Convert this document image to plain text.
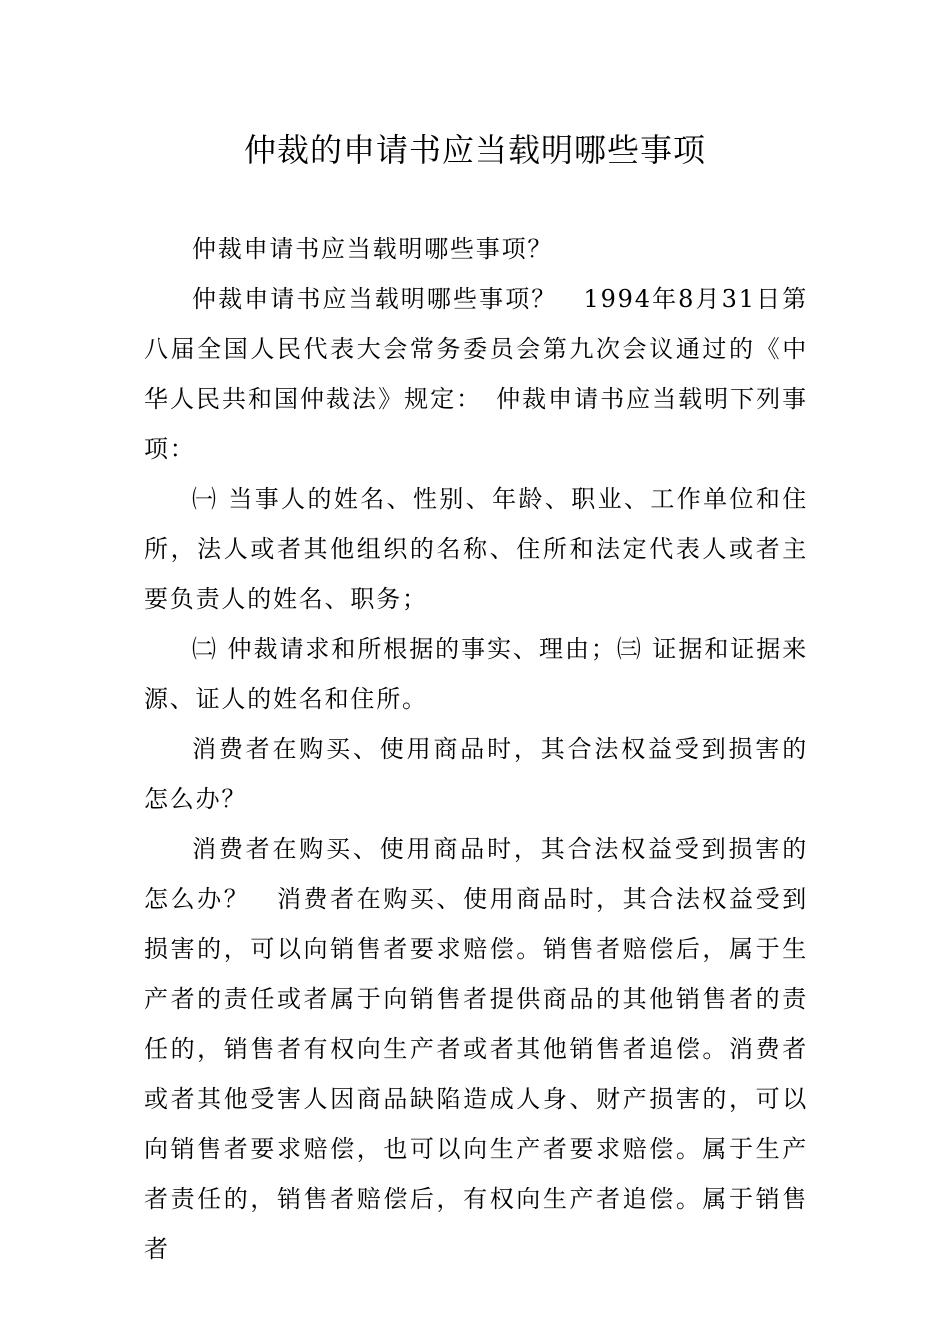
仲裁的申请书应当载明哪些事项

仲裁申请书应当载明哪些事项？

仲裁申请书应当载明哪些事项？　1994年8月31日第八届全国人民代表大会常务委员会第九次会议通过的《中华人民共和国仲裁法》规定：　仲裁申请书应当载明下列事项：

㈠ 当事人的姓名、性别、年龄、职业、工作单位和住所，法人或者其他组织的名称、住所和法定代表人或者主要负责人的姓名、职务；

㈡ 仲裁请求和所根据的事实、理由；㈢ 证据和证据来源、证人的姓名和住所。

消费者在购买、使用商品时，其合法权益受到损害的怎么办？

消费者在购买、使用商品时，其合法权益受到损害的怎么办？　消费者在购买、使用商品时，其合法权益受到损害的，可以向销售者要求赔偿。销售者赔偿后，属于生产者的责任或者属于向销售者提供商品的其他销售者的责任的，销售者有权向生产者或者其他销售者追偿。消费者或者其他受害人因商品缺陷造成人身、财产损害的，可以向销售者要求赔偿，也可以向生产者要求赔偿。属于生产者责任的，销售者赔偿后，有权向生产者追偿。属于销售者
